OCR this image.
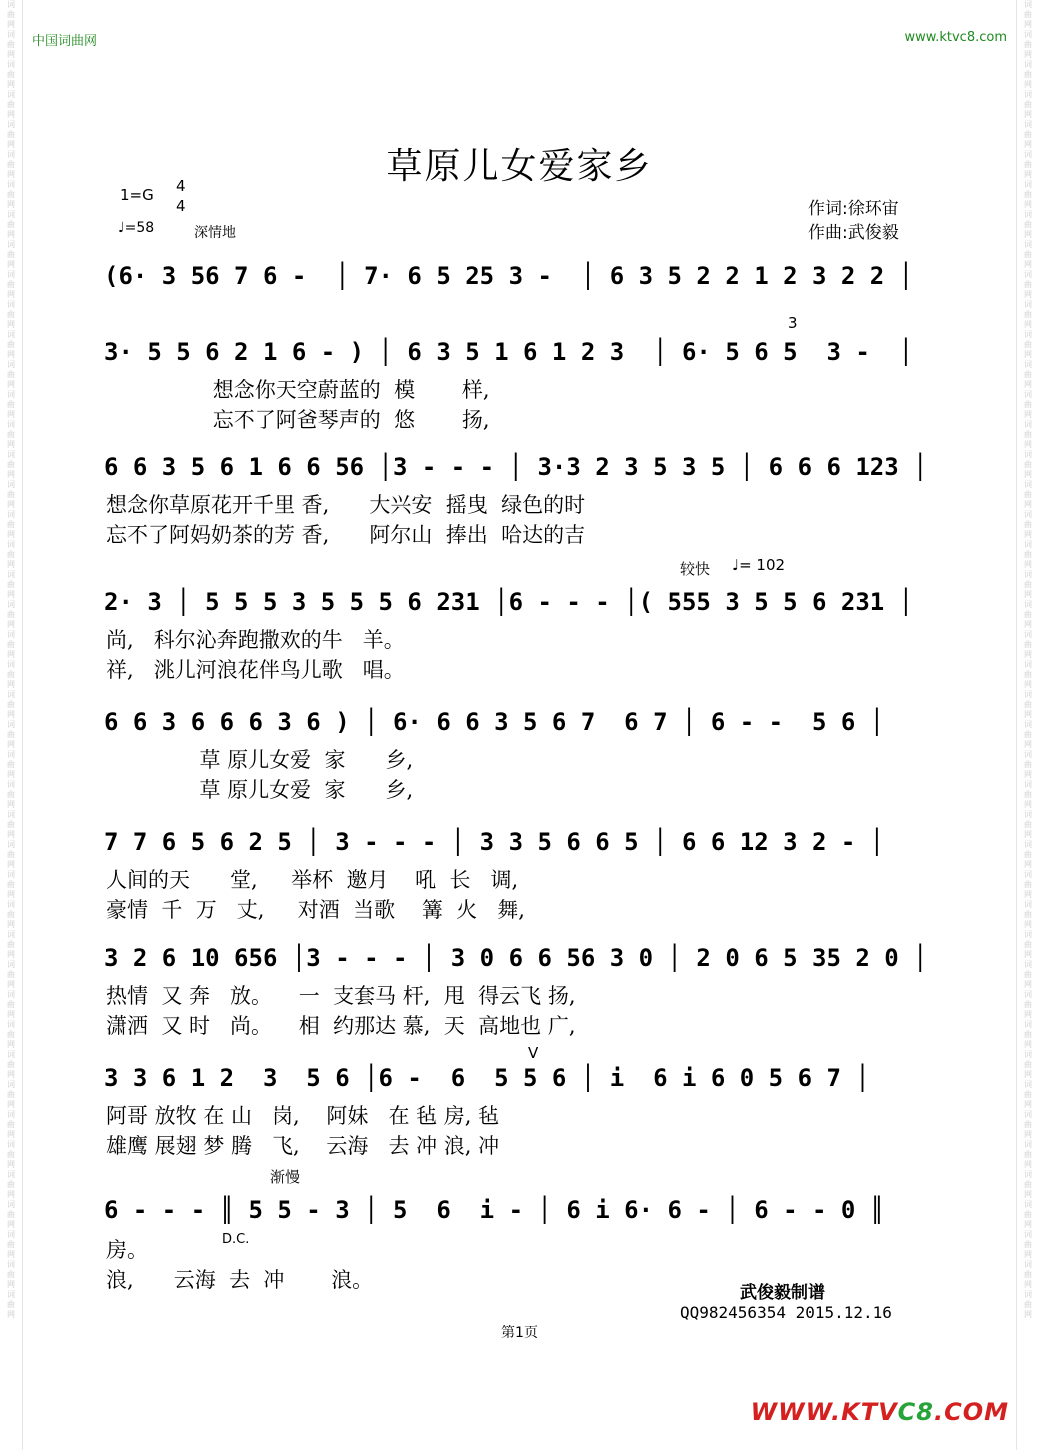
词曲网词曲网词曲网词曲网词曲网词曲网词曲网词曲网词曲网词曲网词曲网词曲网词曲网词曲网词曲网词曲网词曲网词曲网词曲网词曲网词曲网词曲网词曲网词曲网词曲网词曲网词曲网词曲网词曲网词曲网词曲网词曲网词曲网词曲网词曲网词曲网词曲网词曲网词曲网词曲网词曲网词曲网词曲网词曲网
词曲网词曲网词曲网词曲网词曲网词曲网词曲网词曲网词曲网词曲网词曲网词曲网词曲网词曲网词曲网词曲网词曲网词曲网词曲网词曲网词曲网词曲网词曲网词曲网词曲网词曲网词曲网词曲网词曲网词曲网词曲网词曲网词曲网词曲网词曲网词曲网词曲网词曲网词曲网词曲网词曲网词曲网词曲网词曲网
中国词曲网	www.ktvc8.com
草原儿女爱家乡
1=G 4
4
♩=58	深情地
作词:徐环宙
作曲:武俊毅
(6· 3 56 7 6 -  │ 7· 6 5 25 3 -  │ 6 3 5 2 2 1 2 3 2 2 │
3· 5 5 6 2 1 6 - ) │ 6 3 5 1 6 1 2 3  │ 6· 5 6 5  3 -  │
3
想念你天空蔚蓝的  模       样,
忘不了阿爸琴声的  悠       扬,
6 6 3 5 6 1 6 6 56 │3 - - - │ 3·3 2 3 5 3 5 │ 6 6 6 123 │
想念你草原花开千里 香,      大兴安  摇曳  绿色的时
忘不了阿妈奶茶的芳 香,      阿尔山  捧出  哈达的吉
较快 ♩= 102
2· 3 │ 5 5 5 3 5 5 5 6 231 │6 - - - │( 555 3 5 5 6 231 │
尚,   科尔沁奔跑撒欢的牛   羊。
祥,   洮儿河浪花伴鸟儿歌   唱。
6 6 3 6 6 6 3 6 ) │ 6· 6 6 3 5 6 7  6 7 │ 6 - -  5 6 │
草 原儿女爱  家      乡,
草 原儿女爱  家      乡,
7 7 6 5 6 2 5 │ 3 - - - │ 3 3 5 6 6 5 │ 6 6 12 3 2 - │
人间的天      堂,     举杯  邀月    吼  长   调,
豪情  千  万   丈,     对酒  当歌    篝  火   舞,
3 2 6 10 656 │3 - - - │ 3 0 6 6 56 3 0 │ 2 0 6 5 35 2 0 │
热情  又 奔   放。    一  支套马 杆,  甩  得云飞 扬,
潇洒  又 时   尚。    相  约那达 慕,  天  高地也 广,
V
3 3 6 1 2  3  5 6 │6 -  6  5 5 6 │ i  6 i 6 0 5 6 7 │
阿哥 放牧 在 山   岗,    阿妹   在 毡 房, 毡
雄鹰 展翅 梦 腾   飞,    云海   去 冲 浪, 冲
渐慢
6 - - - ║ 5 5 - 3 │ 5  6  i - │ 6 i 6· 6 - │ 6 - - 0 ║
D.C.
房。
浪,      云海  去  冲       浪。
武俊毅制谱
QQ982456354 2015.12.16
第1页
WWW.KTVC8.COM
